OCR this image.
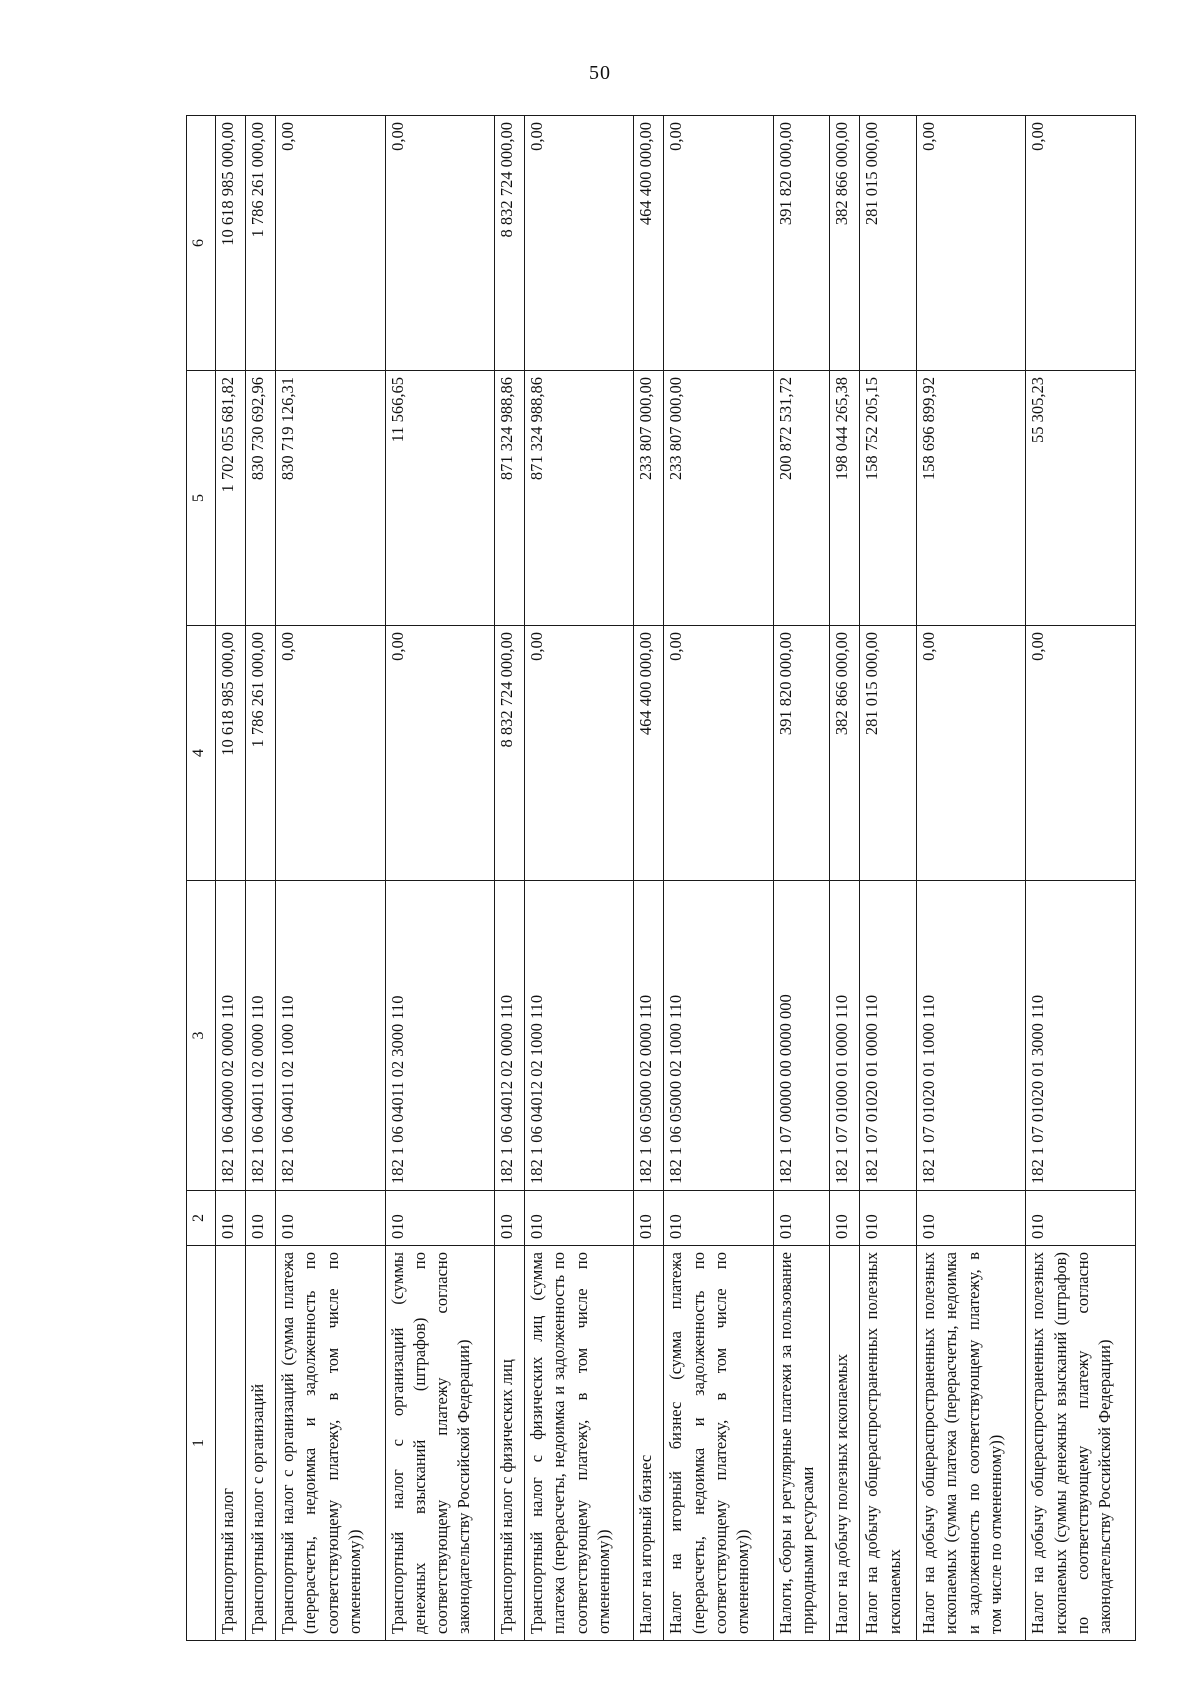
50
1	2	3	4	5	6
Транспортный налог	010	182 1 06 04000 02 0000 110	10 618 985 000,00	1 702 055 681,82	10 618 985 000,00
Транспортный налог с организаций	010	182 1 06 04011 02 0000 110	1 786 261 000,00	830 730 692,96	1 786 261 000,00
Транспортный налог с организаций (сумма платежа (перерасчеты, недоимка и задолженность по соответствующему платежу, в том числе по отмененному))	010	182 1 06 04011 02 1000 110	0,00	830 719 126,31	0,00
Транспортный налог с организаций (суммы денежных взысканий (штрафов) по соответствующему платежу согласно законодательству Российской Федерации)	010	182 1 06 04011 02 3000 110	0,00	11 566,65	0,00
Транспортный налог с физических лиц	010	182 1 06 04012 02 0000 110	8 832 724 000,00	871 324 988,86	8 832 724 000,00
Транспортный налог с физических лиц (сумма платежа (перерасчеты, недоимка и задолженность по соответствующему платежу, в том числе по отмененному))	010	182 1 06 04012 02 1000 110	0,00	871 324 988,86	0,00
Налог на игорный бизнес	010	182 1 06 05000 02 0000 110	464 400 000,00	233 807 000,00	464 400 000,00
Налог на игорный бизнес (сумма платежа (перерасчеты, недоимка и задолженность по соответствующему платежу, в том числе по отмененному))	010	182 1 06 05000 02 1000 110	0,00	233 807 000,00	0,00
Налоги, сборы и регулярные платежи за пользование природными ресурсами	010	182 1 07 00000 00 0000 000	391 820 000,00	200 872 531,72	391 820 000,00
Налог на добычу полезных ископаемых	010	182 1 07 01000 01 0000 110	382 866 000,00	198 044 265,38	382 866 000,00
Налог на добычу общераспространенных полезных ископаемых	010	182 1 07 01020 01 0000 110	281 015 000,00	158 752 205,15	281 015 000,00
Налог на добычу общераспространенных полезных ископаемых (сумма платежа (перерасчеты, недоимка и задолженность по соответствующему платежу, в том числе по отмененному))	010	182 1 07 01020 01 1000 110	0,00	158 696 899,92	0,00
Налог на добычу общераспространенных полезных ископаемых (суммы денежных взысканий (штрафов) по соответствующему платежу согласно законодательству Российской Федерации)	010	182 1 07 01020 01 3000 110	0,00	55 305,23	0,00
